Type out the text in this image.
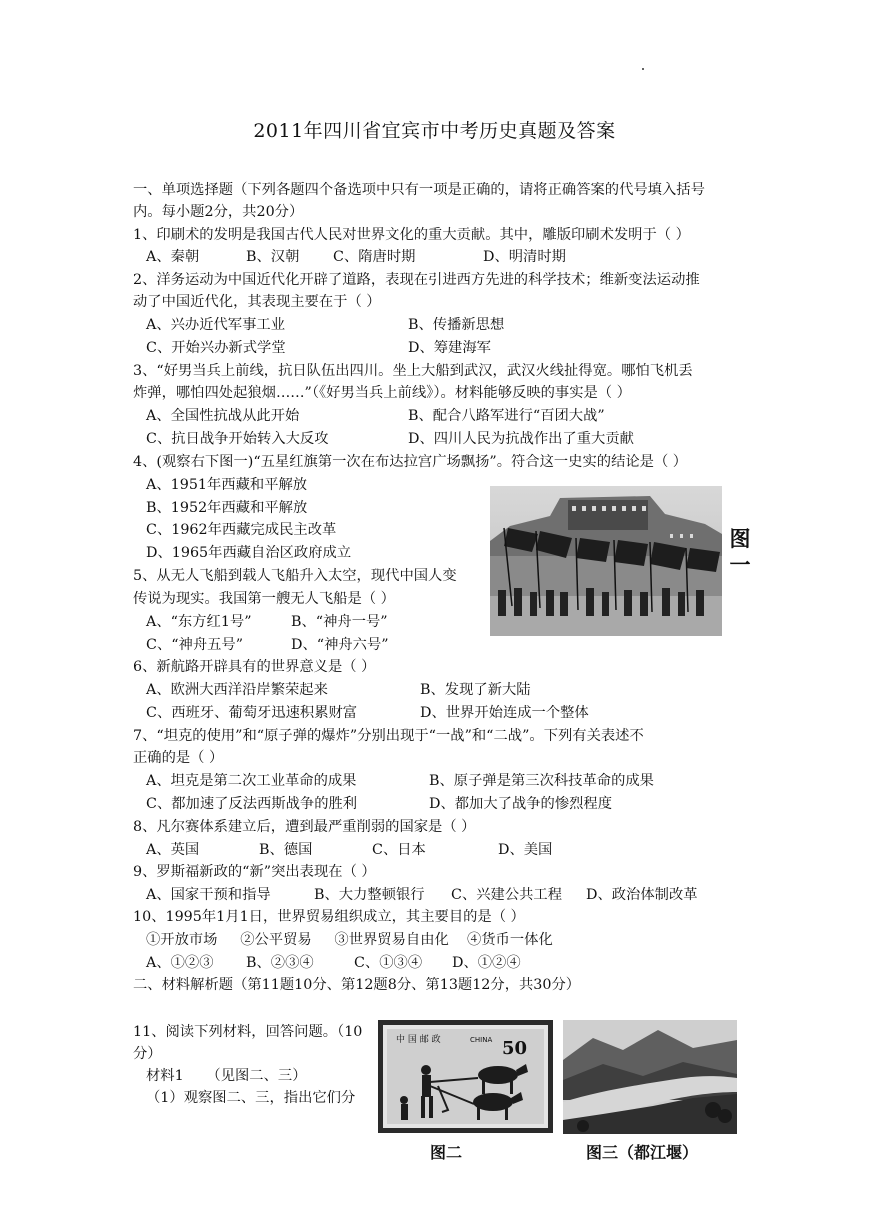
2011年四川省宜宾市中考历史真题及答案
一、单项选择题（下列各题四个备选项中只有一项是正确的，请将正确答案的代号填入括号
内。每小题2分，共20分）
1、印刷术的发明是我国古代人民对世界文化的重大贡献。其中，雕版印刷术发明于（ ）
A、秦朝	B、汉朝 C、隋唐时期	D、明清时期
2、洋务运动为中国近代化开辟了道路，表现在引进西方先进的科学技术；维新变法运动推
动了中国近代化，其表现主要在于（ ）
A、兴办近代军事工业	B、传播新思想
C、开始兴办新式学堂	D、筹建海军
3、“好男当兵上前线，抗日队伍出四川。坐上大船到武汉，武汉火线扯得宽。哪怕飞机丢
炸弹，哪怕四处起狼烟……”（《好男当兵上前线》）。材料能够反映的事实是（ ）
A、全国性抗战从此开始	B、配合八路军进行“百团大战”
C、抗日战争开始转入大反攻	D、四川人民为抗战作出了重大贡献
4、(观察右下图一)“五星红旗第一次在布达拉宫广场飘扬”。符合这一史实的结论是（ ）
A、1951年西藏和平解放
B、1952年西藏和平解放
C、1962年西藏完成民主改革
D、1965年西藏自治区政府成立
图一
5、从无人飞船到载人飞船升入太空，现代中国人变
传说为现实。我国第一艘无人飞船是（ ）
A、“东方红1号”	B、“神舟一号”
C、“神舟五号”	D、“神舟六号”
6、新航路开辟具有的世界意义是（ ）
A、欧洲大西洋沿岸繁荣起来	B、发现了新大陆
C、西班牙、葡萄牙迅速积累财富	D、世界开始连成一个整体
7、“坦克的使用”和“原子弹的爆炸”分别出现于“一战”和“二战”。下列有关表述不
正确的是（ ）
A、坦克是第二次工业革命的成果	B、原子弹是第三次科技革命的成果
C、都加速了反法西斯战争的胜利	D、都加大了战争的惨烈程度
8、凡尔赛体系建立后，遭到最严重削弱的国家是（ ）
A、英国	B、德国	C、日本	D、美国
9、罗斯福新政的“新”突出表现在（ ）
A、国家干预和指导	B、大力整顿银行 C、兴建公共工程 D、政治体制改革
10、1995年1月1日，世界贸易组织成立，其主要目的是（ ）
①开放市场     ②公平贸易     ③世界贸易自由化    ④货币一体化
A、①②③ B、②③④	C、①③④ D、①②④
二、材料解析题（第11题10分、第12题8分、第13题12分，共30分）
11、阅读下列材料，回答问题。（10
分）
材料1     （见图二、三）
（1）观察图二、三，指出它们分
中 国 邮 政	CHINA 50
图二	图三（都江堰）
